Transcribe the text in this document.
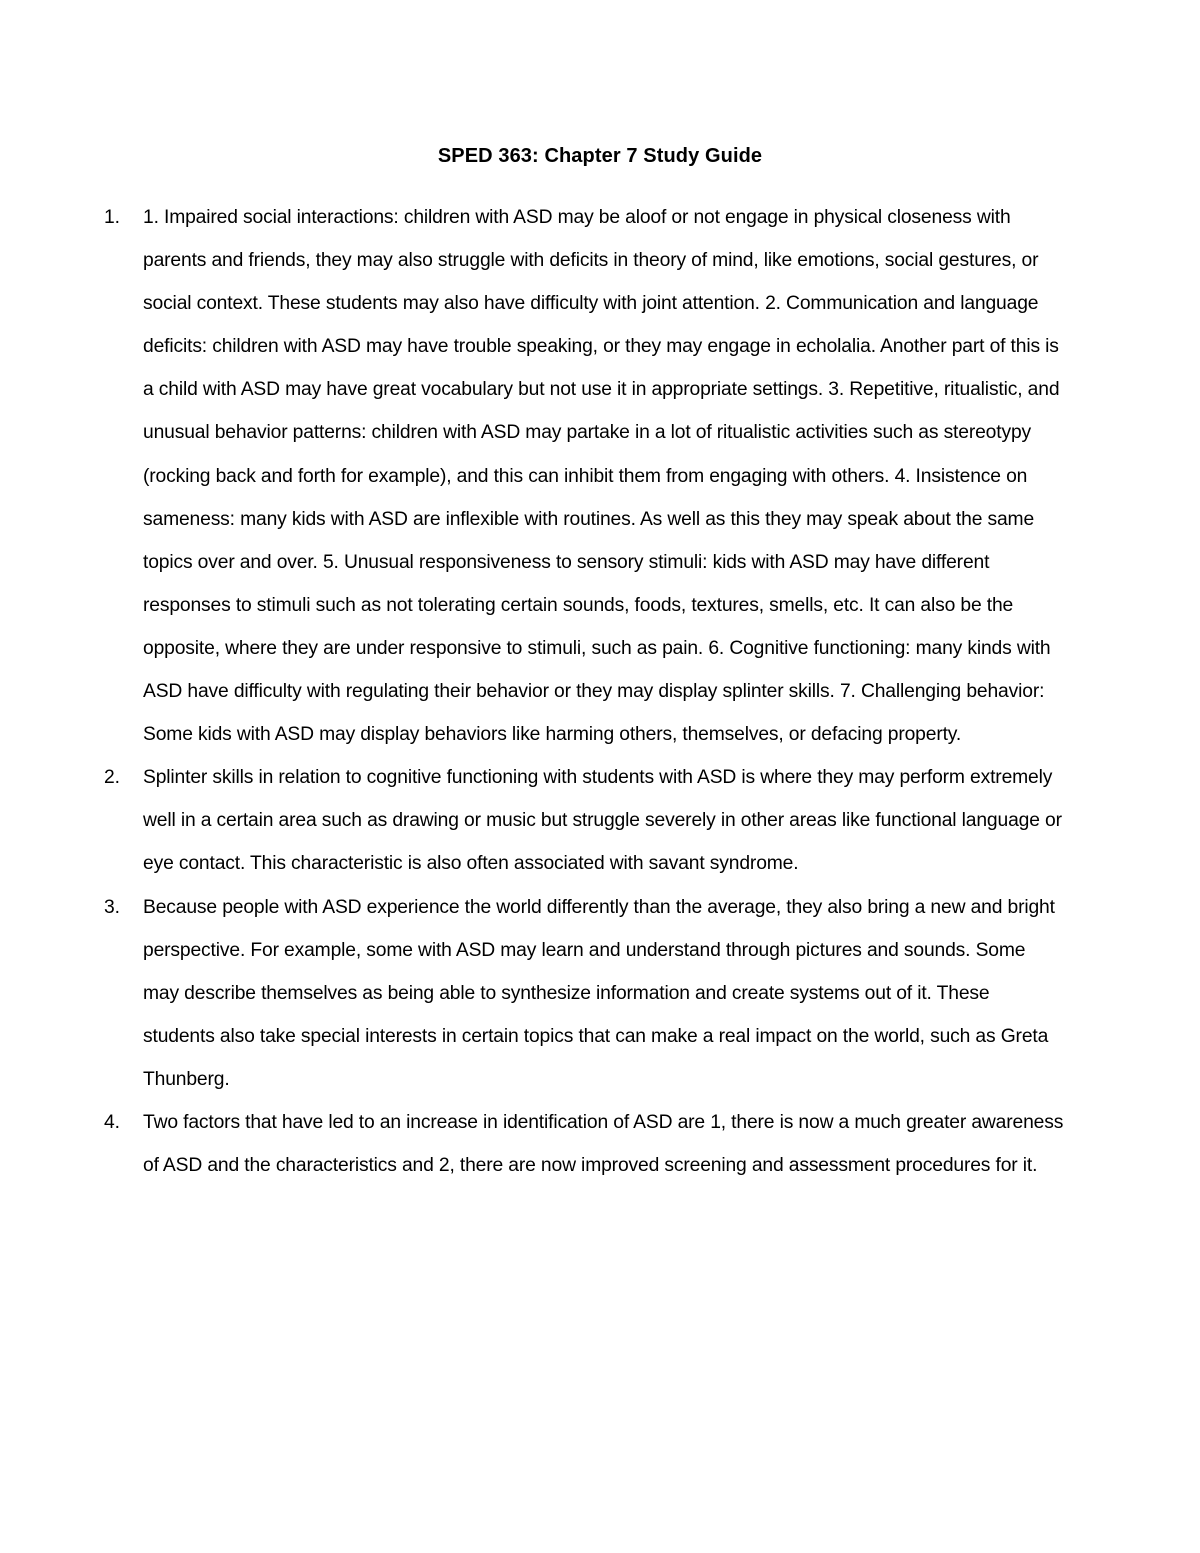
SPED 363: Chapter 7 Study Guide
1. 1. Impaired social interactions: children with ASD may be aloof or not engage in physical closeness with parents and friends, they may also struggle with deficits in theory of mind, like emotions, social gestures, or social context. These students may also have difficulty with joint attention. 2. Communication and language deficits: children with ASD may have trouble speaking, or they may engage in echolalia. Another part of this is a child with ASD may have great vocabulary but not use it in appropriate settings. 3. Repetitive, ritualistic, and unusual behavior patterns: children with ASD may partake in a lot of ritualistic activities such as stereotypy (rocking back and forth for example), and this can inhibit them from engaging with others. 4. Insistence on sameness: many kids with ASD are inflexible with routines. As well as this they may speak about the same topics over and over. 5. Unusual responsiveness to sensory stimuli: kids with ASD may have different responses to stimuli such as not tolerating certain sounds, foods, textures, smells, etc. It can also be the opposite, where they are under responsive to stimuli, such as pain. 6. Cognitive functioning: many kinds with ASD have difficulty with regulating their behavior or they may display splinter skills. 7. Challenging behavior: Some kids with ASD may display behaviors like harming others, themselves, or defacing property.
2. Splinter skills in relation to cognitive functioning with students with ASD is where they may perform extremely well in a certain area such as drawing or music but struggle severely in other areas like functional language or eye contact. This characteristic is also often associated with savant syndrome.
3. Because people with ASD experience the world differently than the average, they also bring a new and bright perspective. For example, some with ASD may learn and understand through pictures and sounds. Some may describe themselves as being able to synthesize information and create systems out of it. These students also take special interests in certain topics that can make a real impact on the world, such as Greta Thunberg.
4. Two factors that have led to an increase in identification of ASD are 1, there is now a much greater awareness of ASD and the characteristics and 2, there are now improved screening and assessment procedures for it.
